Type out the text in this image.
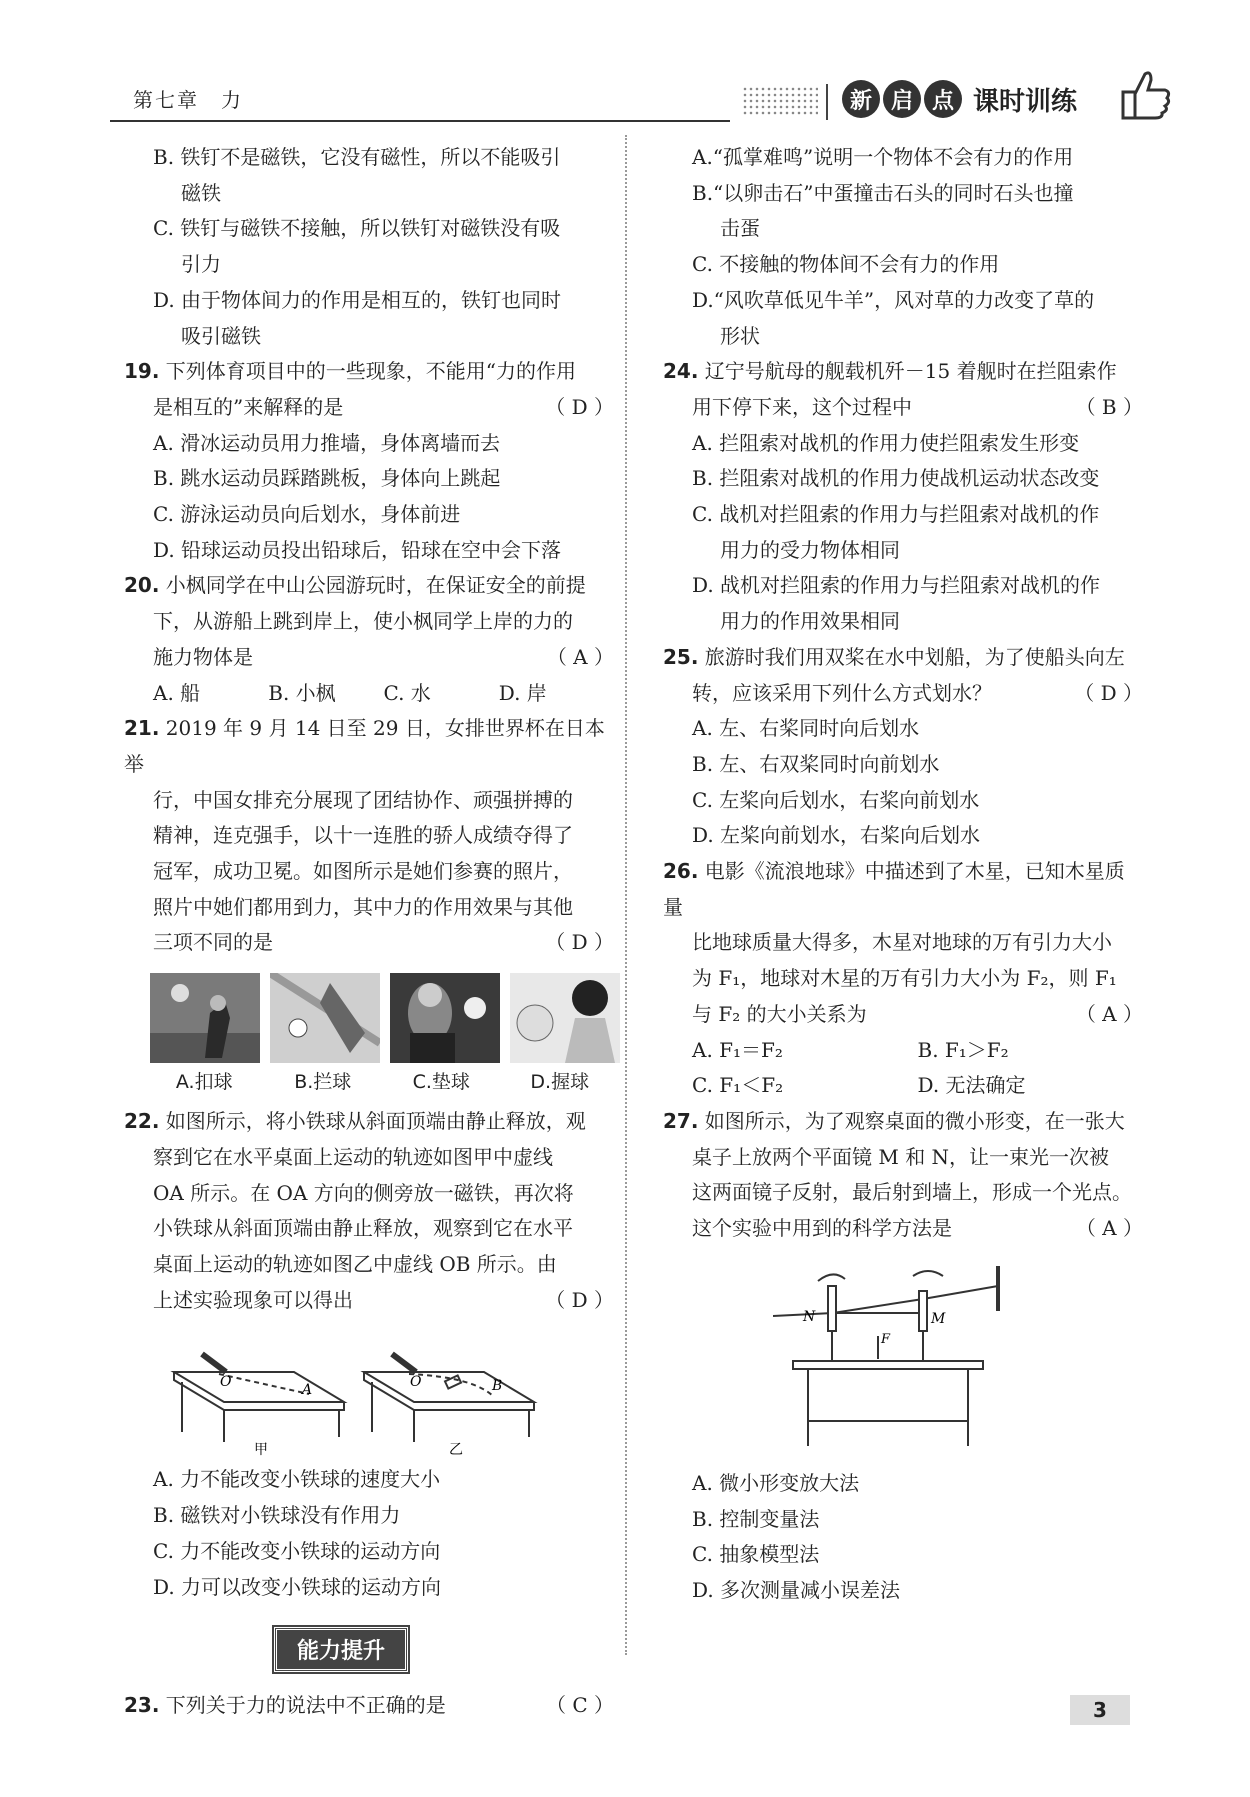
第七章　力	新 启 点 课时训练
B. 铁钉不是磁铁，它没有磁性，所以不能吸引
磁铁
C. 铁钉与磁铁不接触，所以铁钉对磁铁没有吸
引力
D. 由于物体间力的作用是相互的，铁钉也同时
吸引磁铁
19. 下列体育项目中的一些现象，不能用“力的作用
是相互的”来解释的是	（ D ）
A. 滑冰运动员用力推墙，身体离墙而去
B. 跳水运动员踩踏跳板，身体向上跳起
C. 游泳运动员向后划水，身体前进
D. 铅球运动员投出铅球后，铅球在空中会下落
20. 小枫同学在中山公园游玩时，在保证安全的前提
下，从游船上跳到岸上，使小枫同学上岸的力的
施力物体是	（ A ）
A. 船	B. 小枫	C. 水	D. 岸
21. 2019 年 9 月 14 日至 29 日，女排世界杯在日本举
行，中国女排充分展现了团结协作、顽强拼搏的
精神，连克强手，以十一连胜的骄人成绩夺得了
冠军，成功卫冕。如图所示是她们参赛的照片，
照片中她们都用到力，其中力的作用效果与其他
三项不同的是	（ D ）
A.扣球	B.拦球	C.垫球	D.握球
22. 如图所示，将小铁球从斜面顶端由静止释放，观
察到它在水平桌面上运动的轨迹如图甲中虚线
OA 所示。在 OA 方向的侧旁放一磁铁，再次将
小铁球从斜面顶端由静止释放，观察到它在水平
桌面上运动的轨迹如图乙中虚线 OB 所示。由
上述实验现象可以得出	（ D ）
O	A	O	B
甲	乙
A. 力不能改变小铁球的速度大小
B. 磁铁对小铁球没有作用力
C. 力不能改变小铁球的运动方向
D. 力可以改变小铁球的运动方向
能力提升
23. 下列关于力的说法中不正确的是	（ C ）
A.“孤掌难鸣”说明一个物体不会有力的作用
B.“以卵击石”中蛋撞击石头的同时石头也撞
击蛋
C. 不接触的物体间不会有力的作用
D.“风吹草低见牛羊”，风对草的力改变了草的
形状
24. 辽宁号航母的舰载机歼－15 着舰时在拦阻索作
用下停下来，这个过程中	（ B ）
A. 拦阻索对战机的作用力使拦阻索发生形变
B. 拦阻索对战机的作用力使战机运动状态改变
C. 战机对拦阻索的作用力与拦阻索对战机的作
用力的受力物体相同
D. 战机对拦阻索的作用力与拦阻索对战机的作
用力的作用效果相同
25. 旅游时我们用双桨在水中划船，为了使船头向左
转，应该采用下列什么方式划水？	（ D ）
A. 左、右桨同时向后划水
B. 左、右双桨同时向前划水
C. 左桨向后划水，右桨向前划水
D. 左桨向前划水，右桨向后划水
26. 电影《流浪地球》中描述到了木星，已知木星质量
比地球质量大得多，木星对地球的万有引力大小
为 F₁，地球对木星的万有引力大小为 F₂，则 F₁
与 F₂ 的大小关系为	（ A ）
A. F₁＝F₂	B. F₁＞F₂
C. F₁＜F₂	D. 无法确定
27. 如图所示，为了观察桌面的微小形变，在一张大
桌子上放两个平面镜 M 和 N，让一束光一次被
这两面镜子反射，最后射到墙上，形成一个光点。
这个实验中用到的科学方法是	（ A ）
N	M
F
A. 微小形变放大法
B. 控制变量法
C. 抽象模型法
D. 多次测量减小误差法
3
